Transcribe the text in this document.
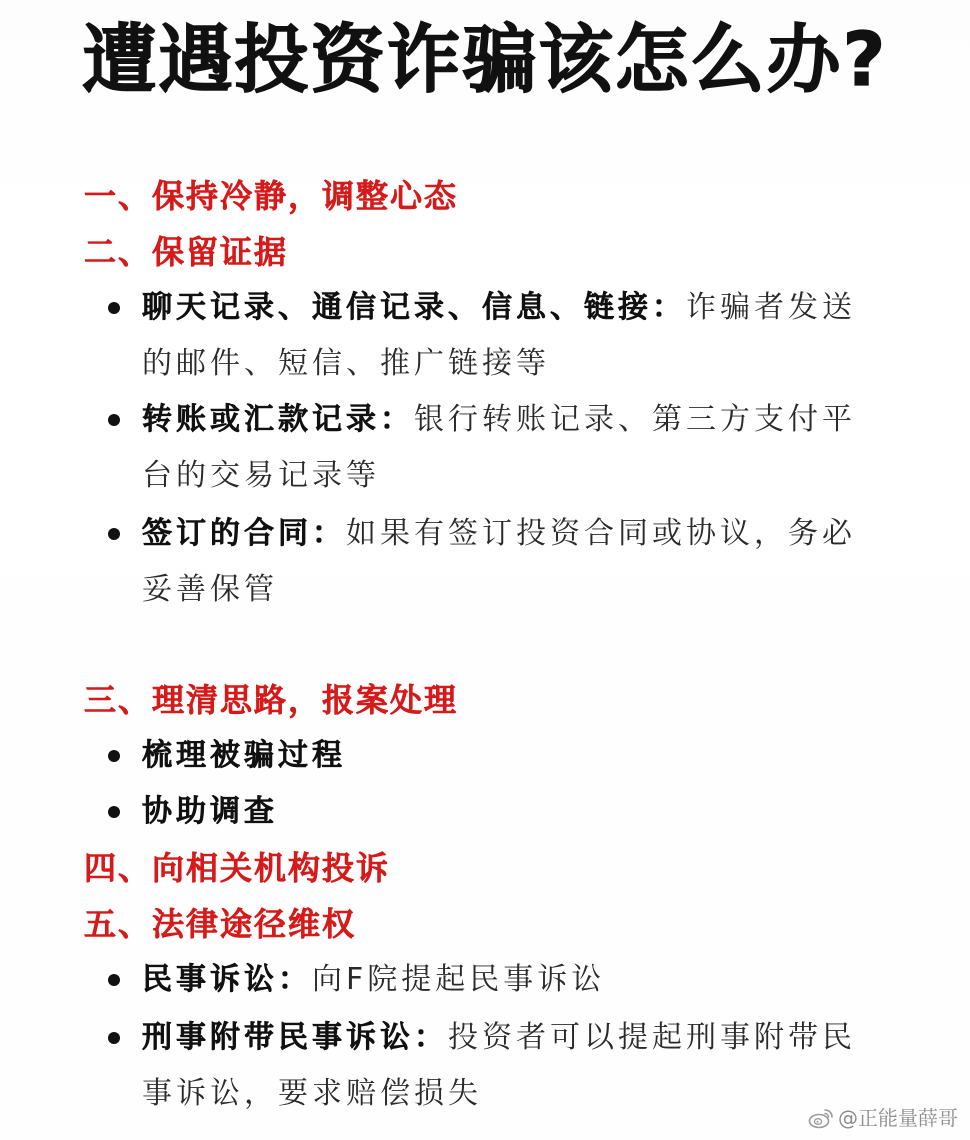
遭遇投资诈骗该怎么办?
一、保持冷静，调整心态
二、保留证据
聊天记录、通信记录、信息、链接：诈骗者发送的邮件、短信、推广链接等
转账或汇款记录：银行转账记录、第三方支付平台的交易记录等
签订的合同：如果有签订投资合同或协议，务必妥善保管
三、理清思路，报案处理
梳理被骗过程
协助调查
四、向相关机构投诉
五、法律途径维权
民事诉讼：向F院提起民事诉讼
刑事附带民事诉讼：投资者可以提起刑事附带民事诉讼，要求赔偿损失
@正能量薛哥
